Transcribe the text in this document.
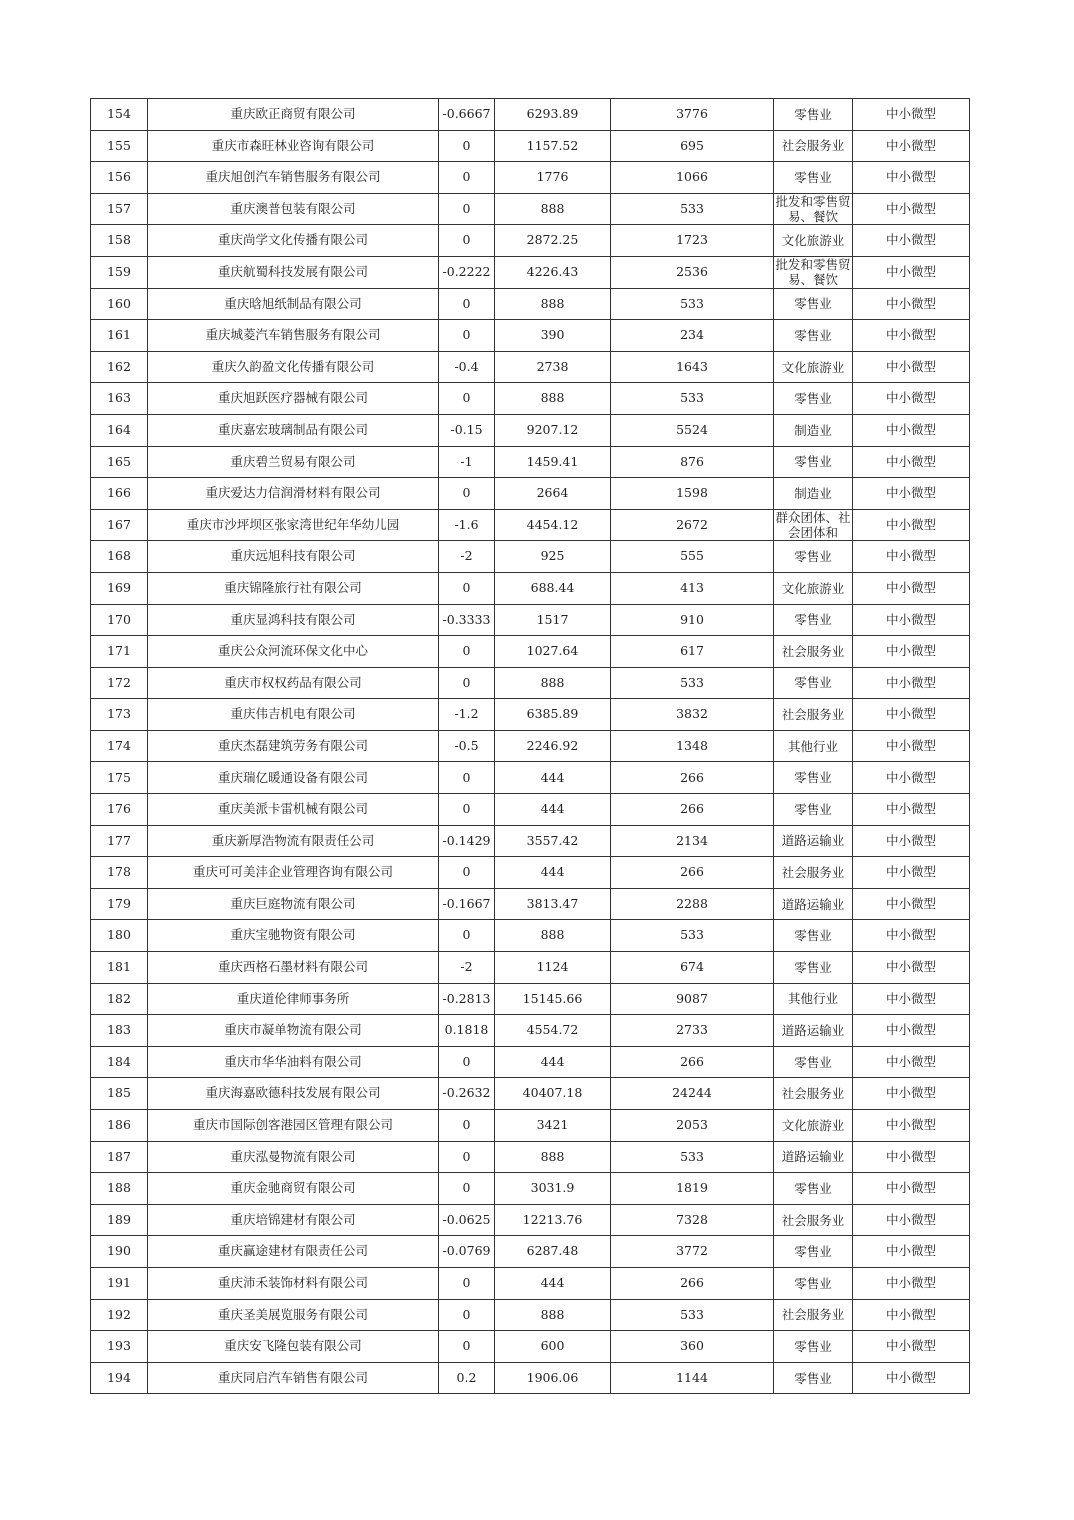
154	重庆欧正商贸有限公司	-0.6667	6293.89	3776	零售业	中小微型
155	重庆市森旺林业咨询有限公司	0	1157.52	695	社会服务业	中小微型
156	重庆旭创汽车销售服务有限公司	0	1776	1066	零售业	中小微型
157	重庆澳普包装有限公司	0	888	533	批发和零售贸易、餐饮	中小微型
158	重庆尚学文化传播有限公司	0	2872.25	1723	文化旅游业	中小微型
159	重庆航蜀科技发展有限公司	-0.2222	4226.43	2536	批发和零售贸易、餐饮	中小微型
160	重庆晗旭纸制品有限公司	0	888	533	零售业	中小微型
161	重庆城菱汽车销售服务有限公司	0	390	234	零售业	中小微型
162	重庆久韵盈文化传播有限公司	-0.4	2738	1643	文化旅游业	中小微型
163	重庆旭跃医疗器械有限公司	0	888	533	零售业	中小微型
164	重庆嘉宏玻璃制品有限公司	-0.15	9207.12	5524	制造业	中小微型
165	重庆碧兰贸易有限公司	-1	1459.41	876	零售业	中小微型
166	重庆爱达力信润滑材料有限公司	0	2664	1598	制造业	中小微型
167	重庆市沙坪坝区张家湾世纪年华幼儿园	-1.6	4454.12	2672	群众团体、社会团体和	中小微型
168	重庆远旭科技有限公司	-2	925	555	零售业	中小微型
169	重庆锦隆旅行社有限公司	0	688.44	413	文化旅游业	中小微型
170	重庆显鸿科技有限公司	-0.3333	1517	910	零售业	中小微型
171	重庆公众河流环保文化中心	0	1027.64	617	社会服务业	中小微型
172	重庆市权权药品有限公司	0	888	533	零售业	中小微型
173	重庆伟吉机电有限公司	-1.2	6385.89	3832	社会服务业	中小微型
174	重庆杰磊建筑劳务有限公司	-0.5	2246.92	1348	其他行业	中小微型
175	重庆瑞亿暖通设备有限公司	0	444	266	零售业	中小微型
176	重庆美派卡雷机械有限公司	0	444	266	零售业	中小微型
177	重庆新厚浩物流有限责任公司	-0.1429	3557.42	2134	道路运输业	中小微型
178	重庆可可美沣企业管理咨询有限公司	0	444	266	社会服务业	中小微型
179	重庆巨庭物流有限公司	-0.1667	3813.47	2288	道路运输业	中小微型
180	重庆宝驰物资有限公司	0	888	533	零售业	中小微型
181	重庆西格石墨材料有限公司	-2	1124	674	零售业	中小微型
182	重庆道伦律师事务所	-0.2813	15145.66	9087	其他行业	中小微型
183	重庆市凝单物流有限公司	0.1818	4554.72	2733	道路运输业	中小微型
184	重庆市华华油料有限公司	0	444	266	零售业	中小微型
185	重庆海嘉欧德科技发展有限公司	-0.2632	40407.18	24244	社会服务业	中小微型
186	重庆市国际创客港园区管理有限公司	0	3421	2053	文化旅游业	中小微型
187	重庆泓曼物流有限公司	0	888	533	道路运输业	中小微型
188	重庆金驰商贸有限公司	0	3031.9	1819	零售业	中小微型
189	重庆培锦建材有限公司	-0.0625	12213.76	7328	社会服务业	中小微型
190	重庆赢途建材有限责任公司	-0.0769	6287.48	3772	零售业	中小微型
191	重庆沛禾装饰材料有限公司	0	444	266	零售业	中小微型
192	重庆圣美展览服务有限公司	0	888	533	社会服务业	中小微型
193	重庆安飞隆包装有限公司	0	600	360	零售业	中小微型
194	重庆同启汽车销售有限公司	0.2	1906.06	1144	零售业	中小微型
